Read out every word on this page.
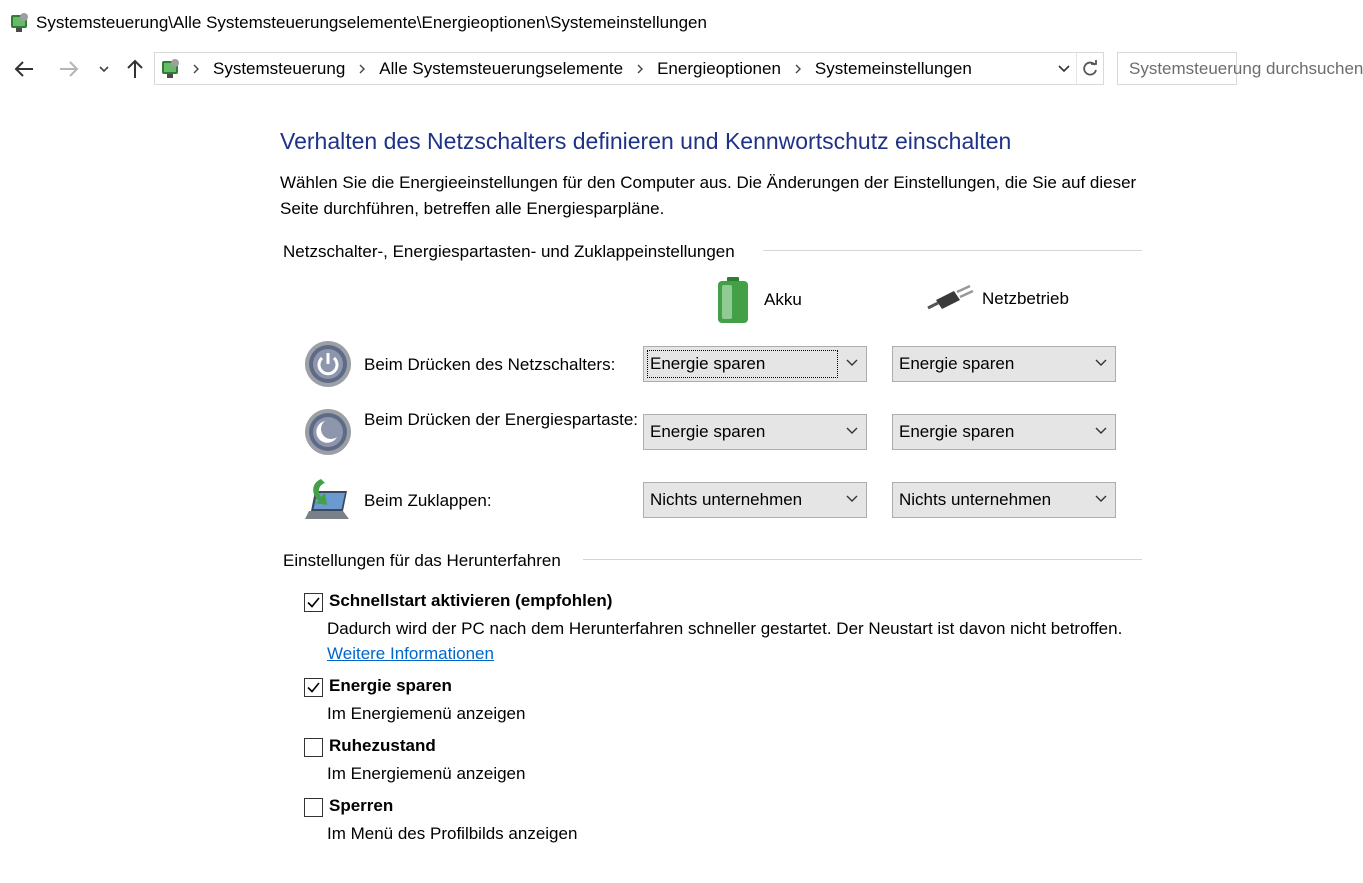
Systemsteuerung\Alle Systemsteuerungselemente\Energieoptionen\Systemeinstellungen
Systemsteuerung	Alle Systemsteuerungselemente	Energieoptionen	Systemeinstellungen	Systemsteuerung durchsuchen
Verhalten des Netzschalters definieren und Kennwortschutz einschalten
Wählen Sie die Energieeinstellungen für den Computer aus. Die Änderungen der Einstellungen, die Sie auf dieser Seite durchführen, betreffen alle Energiesparpläne.
Netzschalter-, Energiespartasten- und Zuklappeinstellungen
Akku	Netzbetrieb
Beim Drücken des Netzschalters: Energie sparen	Energie sparen
Beim Drücken der Energiespartaste:
Energie sparen	Energie sparen
Beim Zuklappen:	Nichts unternehmen	Nichts unternehmen
Einstellungen für das Herunterfahren
Schnellstart aktivieren (empfohlen)
Dadurch wird der PC nach dem Herunterfahren schneller gestartet. Der Neustart ist davon nicht betroffen. Weitere Informationen
Energie sparen
Im Energiemenü anzeigen
Ruhezustand
Im Energiemenü anzeigen
Sperren
Im Menü des Profilbilds anzeigen
